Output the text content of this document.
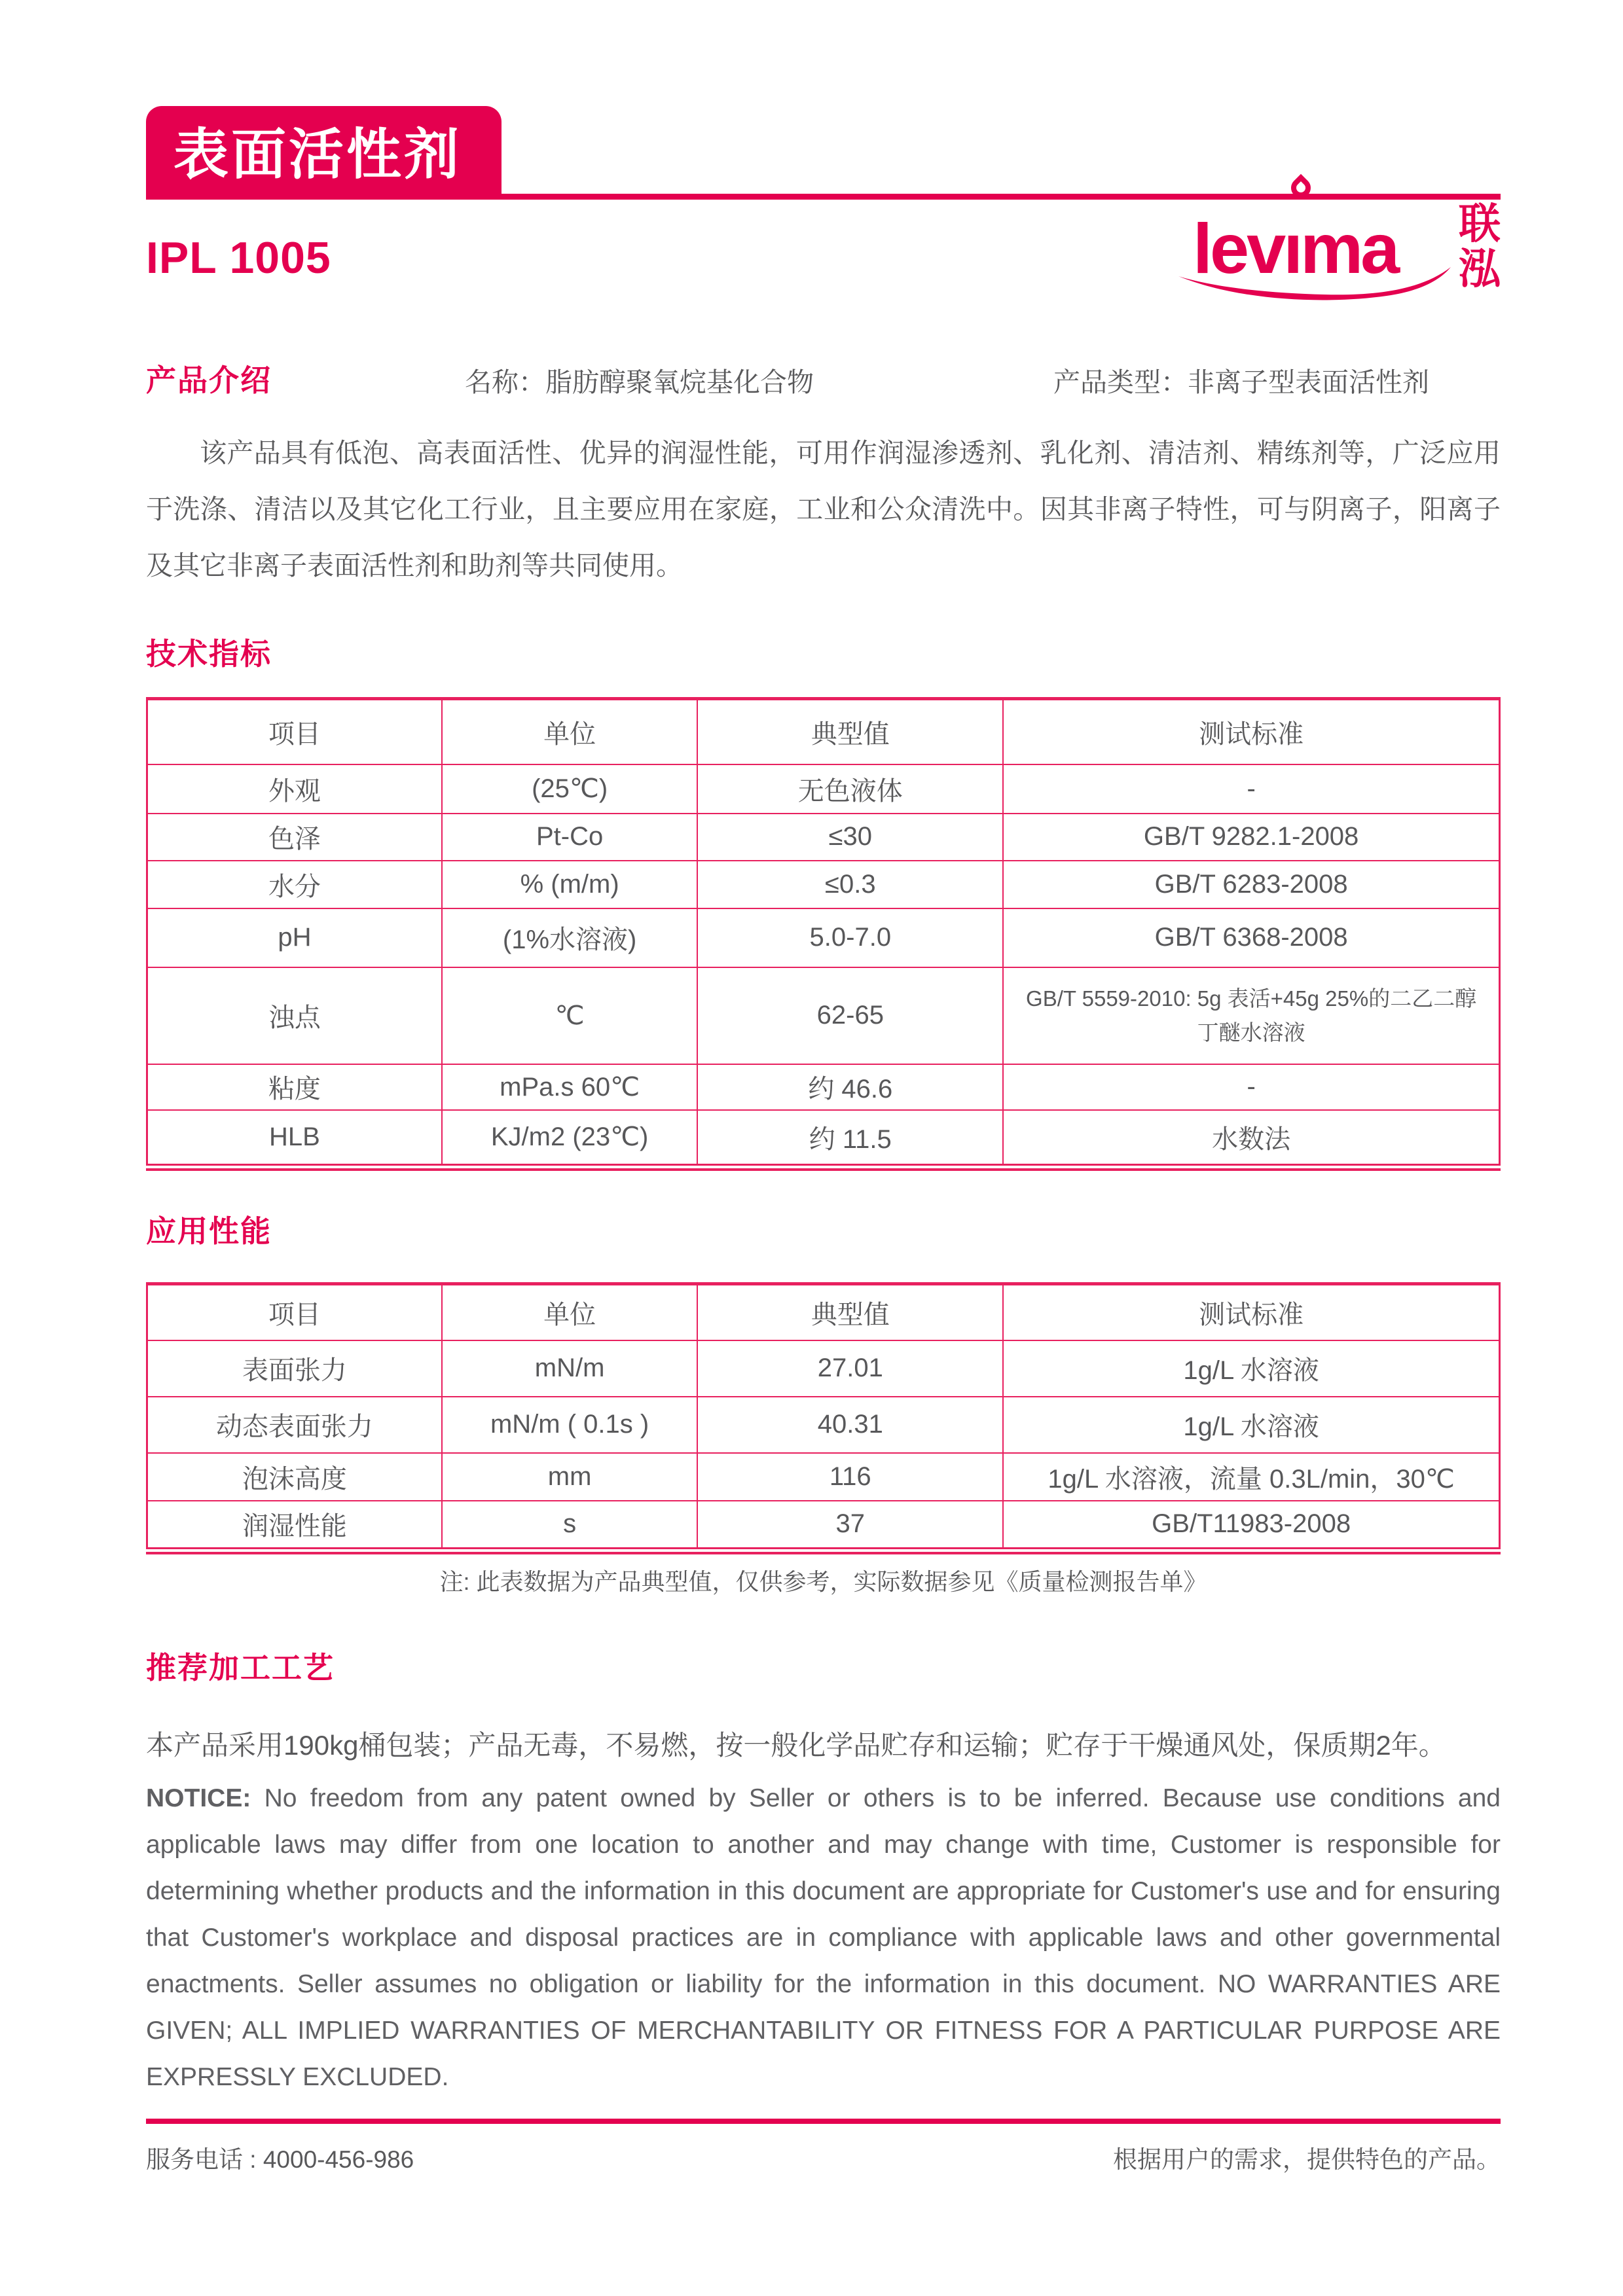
表面活性剂
levıma 联
泓
IPL 1005
产品介绍	名称：脂肪醇聚氧烷基化合物	产品类型：非离子型表面活性剂

该产品具有低泡、高表面活性、优异的润湿性能，可用作润湿渗透剂、乳化剂、清洁剂、精练剂等，广泛应用于洗涤、清洁以及其它化工行业，且主要应用在家庭，工业和公众清洗中。因其非离子特性，可与阴离子，阳离子及其它非离子表面活性剂和助剂等共同使用。

技术指标
项目	单位	典型值	测试标准
外观	(25℃)	无色液体	-
色泽	Pt-Co	≤30	GB/T 9282.1-2008
水分	% (m/m)	≤0.3	GB/T 6283-2008
pH	(1%水溶液)	5.0-7.0	GB/T 6368-2008
浊点	℃	62-65	GB/T 5559-2010: 5g 表活+45g 25%的二乙二醇丁醚水溶液
粘度	mPa.s 60℃	约 46.6	-
HLB	KJ/m2 (23℃)	约 11.5	水数法
应用性能
项目	单位	典型值	测试标准
表面张力	mN/m	27.01	1g/L 水溶液
动态表面张力	mN/m ( 0.1s )	40.31	1g/L 水溶液
泡沫高度	mm	116	1g/L 水溶液，流量 0.3L/min，30℃
润湿性能	s	37	GB/T11983-2008
注: 此表数据为产品典型值，仅供参考，实际数据参见《质量检测报告单》
推荐加工工艺

本产品采用190kg桶包装；产品无毒，不易燃，按一般化学品贮存和运输；贮存于干燥通风处，保质期2年。

NOTICE: No freedom from any patent owned by Seller or others is to be inferred. Because use conditions and applicable laws may differ from one location to another and may change with time, Customer is responsible for determining whether products and the information in this document are appropriate for Customer's use and for ensuring that Customer's workplace and disposal practices are in compliance with applicable laws and other governmental enactments. Seller assumes no obligation or liability for the information in this document. NO WARRANTIES ARE GIVEN; ALL IMPLIED WARRANTIES OF MERCHANTABILITY OR FITNESS FOR A PARTICULAR PURPOSE ARE EXPRESSLY EXCLUDED.

服务电话 : 4000-456-986	根据用户的需求，提供特色的产品。
